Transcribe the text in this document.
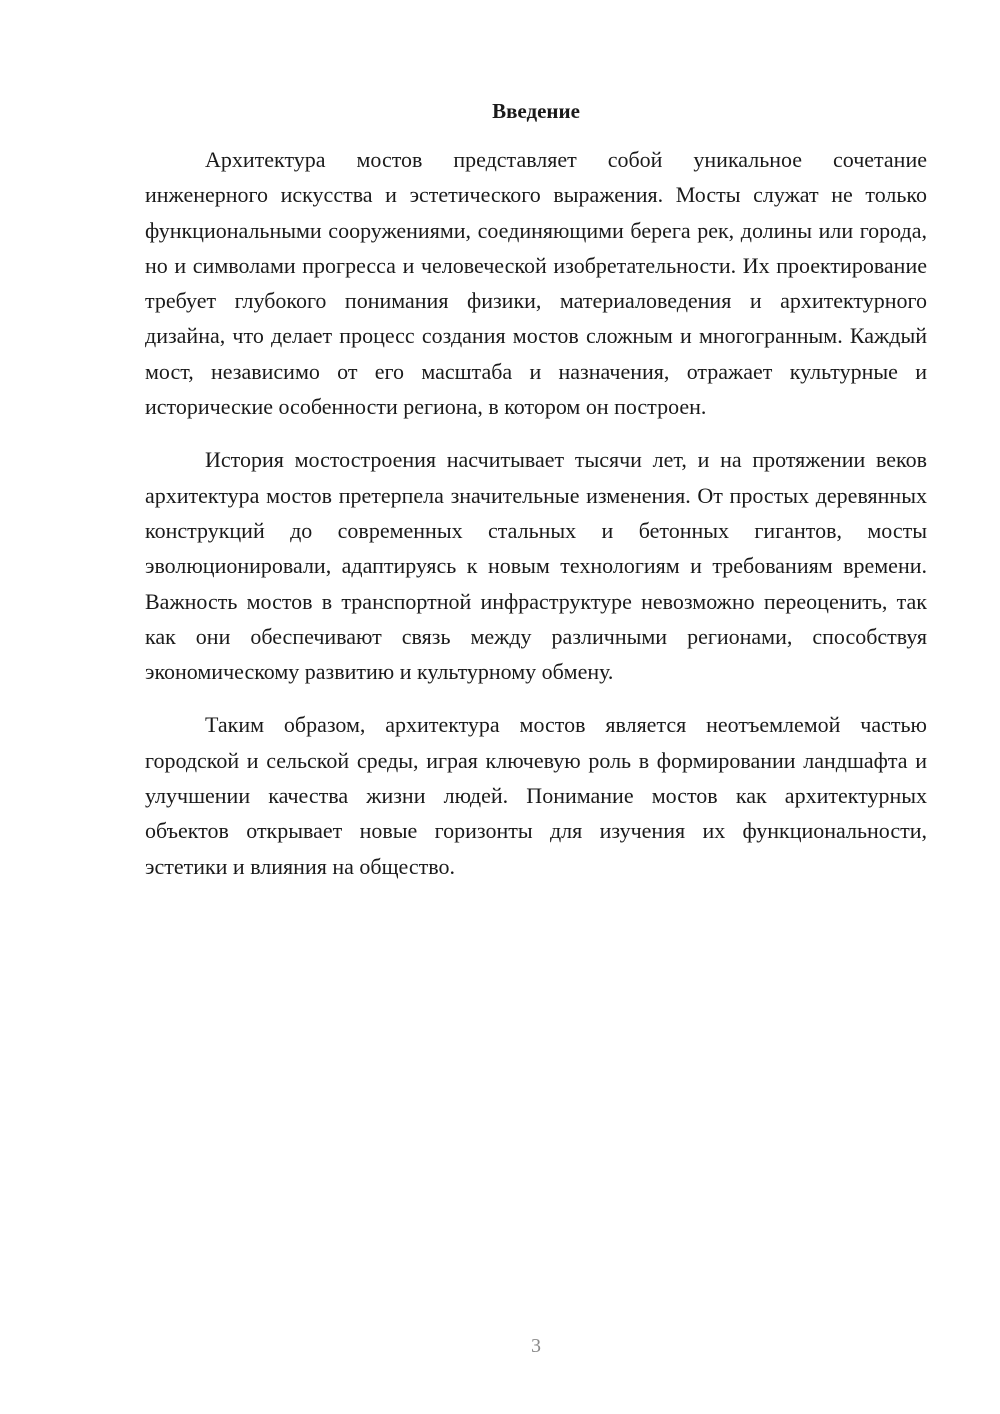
Введение

Архитектура мостов представляет собой уникальное сочетание инженерного искусства и эстетического выражения. Мосты служат не только функциональными сооружениями, соединяющими берега рек, долины или города, но и символами прогресса и человеческой изобретательности. Их проектирование требует глубокого понимания физики, материаловедения и архитектурного дизайна, что делает процесс создания мостов сложным и многогранным. Каждый мост, независимо от его масштаба и назначения, отражает культурные и исторические особенности региона, в котором он построен.

История мостостроения насчитывает тысячи лет, и на протяжении веков архитектура мостов претерпела значительные изменения. От простых деревянных конструкций до современных стальных и бетонных гигантов, мосты эволюционировали, адаптируясь к новым технологиям и требованиям времени. Важность мостов в транспортной инфраструктуре невозможно переоценить, так как они обеспечивают связь между различными регионами, способствуя экономическому развитию и культурному обмену.

Таким образом, архитектура мостов является неотъемлемой частью городской и сельской среды, играя ключевую роль в формировании ландшафта и улучшении качества жизни людей. Понимание мостов как архитектурных объектов открывает новые горизонты для изучения их функциональности, эстетики и влияния на общество.

3
